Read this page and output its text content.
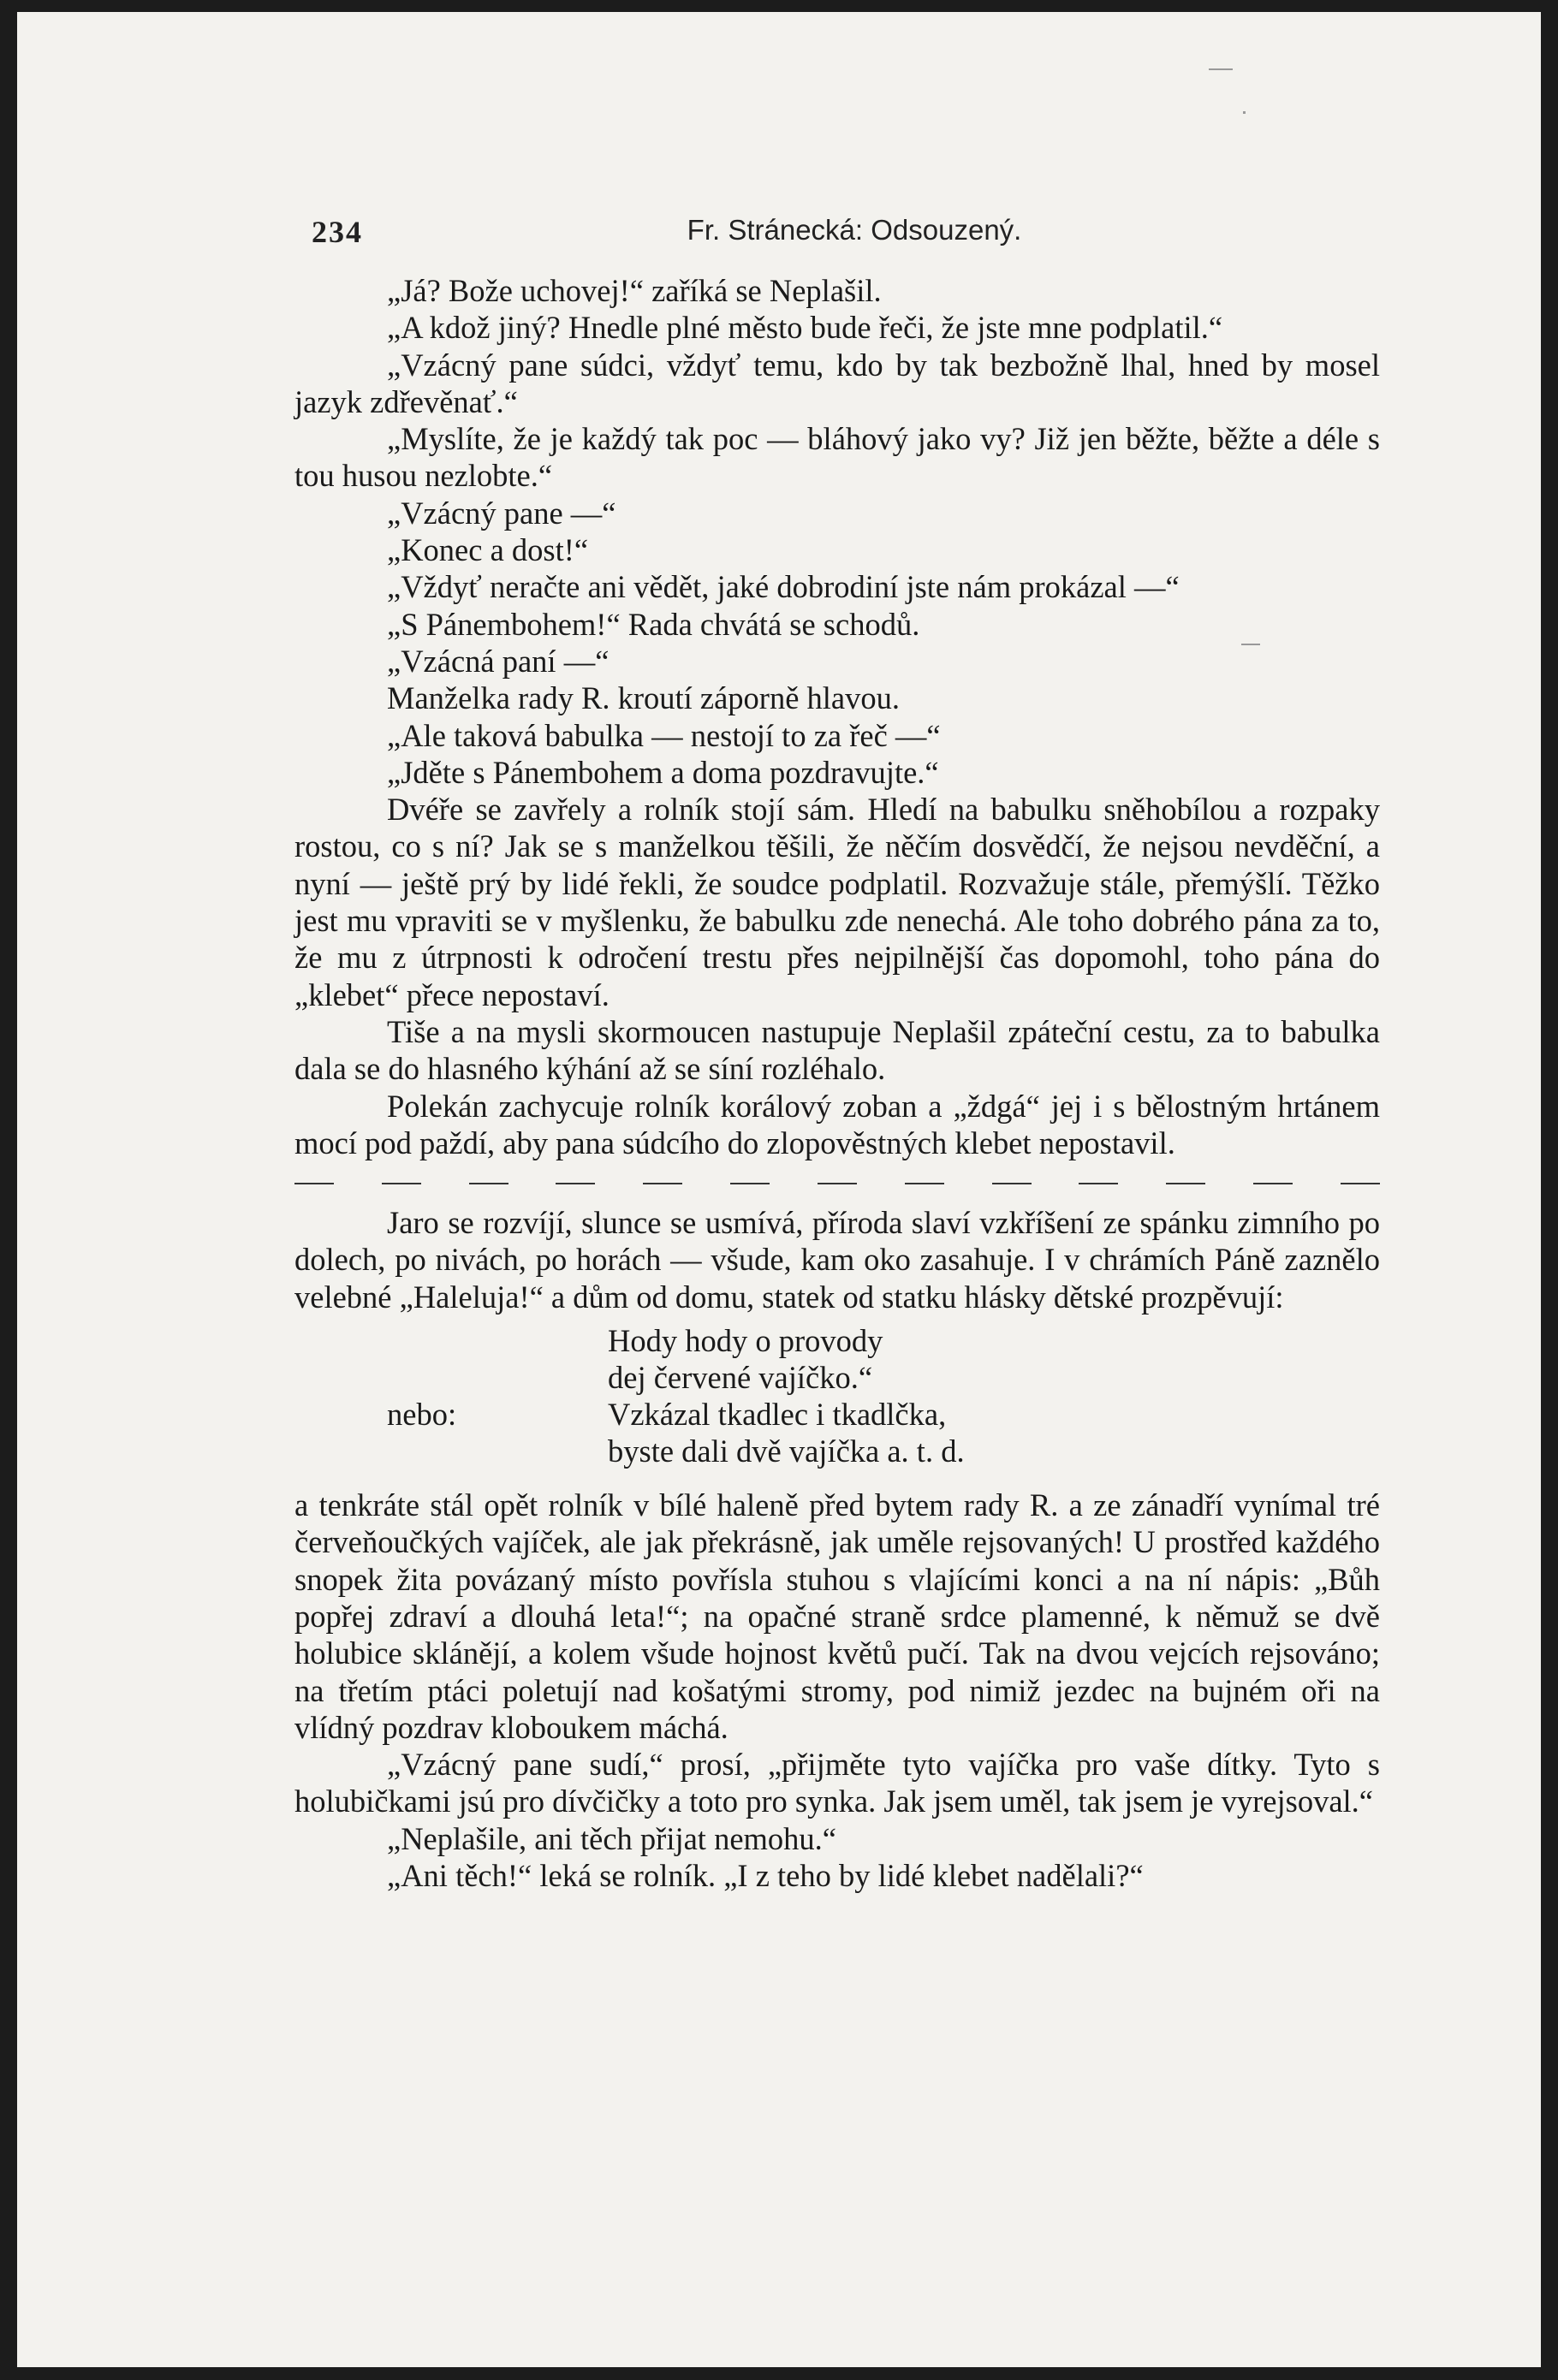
234	Fr. Stránecká: Odsouzený.

„Já? Bože uchovej!“ zaříká se Neplašil.

„A kdož jiný? Hnedle plné město bude řeči, že jste mne podplatil.“

„Vzácný pane súdci, vždyť temu, kdo by tak bezbožně lhal, hned by mosel jazyk zdřevěnať.“

„Myslíte, že je každý tak poc — bláhový jako vy? Již jen běžte, běžte a déle s tou husou nezlobte.“

„Vzácný pane —“

„Konec a dost!“

„Vždyť neračte ani vědět, jaké dobrodiní jste nám prokázal —“

„S Pánembohem!“ Rada chvátá se schodů.

„Vzácná paní —“

Manželka rady R. kroutí záporně hlavou.

„Ale taková babulka — nestojí to za řeč —“

„Jděte s Pánembohem a doma pozdravujte.“

Dvéře se zavřely a rolník stojí sám. Hledí na babulku sněhobílou a rozpaky rostou, co s ní? Jak se s manželkou těšili, že něčím dosvědčí, že nejsou nevděční, a nyní — ještě prý by lidé řekli, že soudce podplatil. Rozvažuje stále, přemýšlí. Těžko jest mu vpraviti se v myšlenku, že babulku zde nenechá. Ale toho dobrého pána za to, že mu z útrpnosti k odročení trestu přes nejpilnější čas dopomohl, toho pána do „klebet“ přece nepostaví.

Tiše a na mysli skormoucen nastupuje Neplašil zpáteční cestu, za to babulka dala se do hlasného kýhání až se síní rozléhalo.

Polekán zachycuje rolník korálový zoban a „ždgá“ jej i s bělostným hrtánem mocí pod paždí, aby pana súdcího do zlopověstných klebet nepostavil.

Jaro se rozvíjí, slunce se usmívá, příroda slaví vzkříšení ze spánku zimního po dolech, po nivách, po horách — všude, kam oko zasahuje. I v chrámích Páně zaznělo velebné „Haleluja!“ a dům od domu, statek od statku hlásky dětské prozpěvují:

Hody hody o provody
dej červené vajíčko.“
nebo:	Vzkázal tkadlec i tkadlčka,
byste dali dvě vajíčka a. t. d.

a tenkráte stál opět rolník v bílé haleně před bytem rady R. a ze zánadří vynímal tré červeňoučkých vajíček, ale jak překrásně, jak uměle rejsovaných! U prostřed každého snopek žita povázaný místo povřísla stuhou s vlajícími konci a na ní nápis: „Bůh popřej zdraví a dlouhá leta!“; na opačné straně srdce plamenné, k němuž se dvě holubice sklánějí, a kolem všude hojnost květů pučí. Tak na dvou vejcích rejsováno; na třetím ptáci poletují nad košatými stromy, pod nimiž jezdec na bujném oři na vlídný pozdrav kloboukem máchá.

„Vzácný pane sudí,“ prosí, „přijměte tyto vajíčka pro vaše dítky. Tyto s holubičkami jsú pro dívčičky a toto pro synka. Jak jsem uměl, tak jsem je vyrejsoval.“

„Neplašile, ani těch přijat nemohu.“

„Ani těch!“ leká se rolník. „I z teho by lidé klebet nadělali?“
